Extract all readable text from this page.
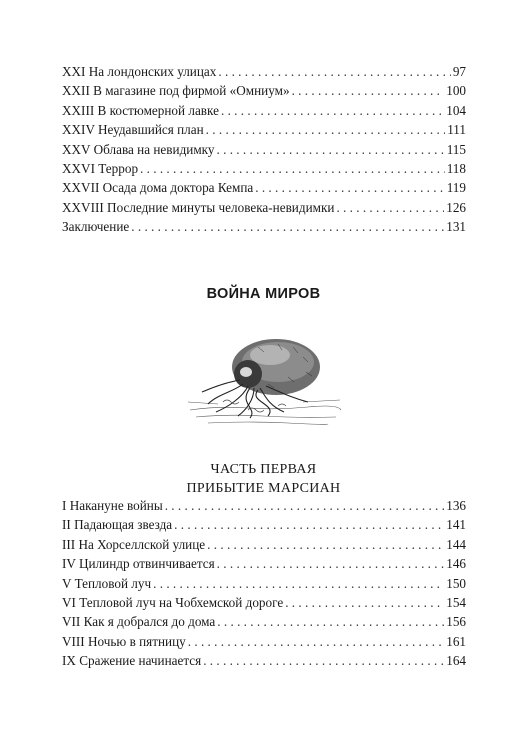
XXI На лондонских улицах . . .	97
XXII В магазине под фирмой «Омниум» . . .	100
XXIII В костюмерной лавке . . .	104
XXIV Неудавшийся план . . .	111
XXV Облава на невидимку . . .	115
XXVI Террор . . .	118
XXVII Осада дома доктора Кемпа . . .	119
XXVIII Последние минуты человека-невидимки . . .	126
Заключение . . .	131
ВОЙНА МИРОВ
ЧАСТЬ ПЕРВАЯ
ПРИБЫТИЕ МАРСИАН
I Накануне войны . . .	136
II Падающая звезда . . .	141
III На Хорселлской улице . . .	144
IV Цилиндр отвинчивается . . .	146
V Тепловой луч . . .	150
VI Тепловой луч на Чобхемской дороге . . .	154
VII Как я добрался до дома . . .	156
VIII Ночью в пятницу . . .	161
IX Сражение начинается . . .	164
